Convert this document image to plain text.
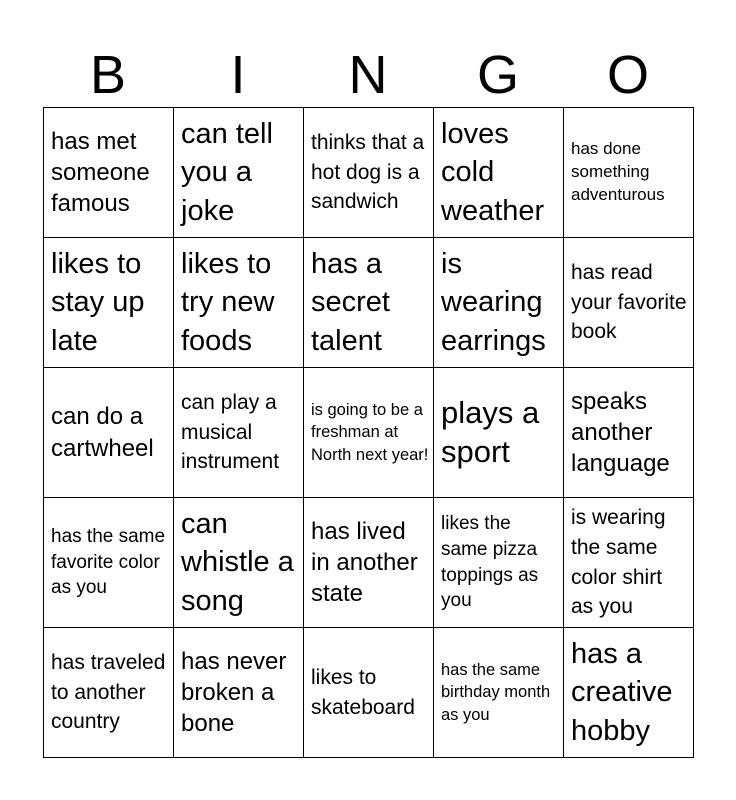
B	I	N	G	O
has met someone famous
can tell you a joke
thinks that a hot dog is a sandwich
loves cold weather
has done something adventurous
likes to stay up late
likes to try new foods
has a secret talent
is wearing earrings
has read your favorite book
can do a cartwheel
can play a musical instrument
is going to be a freshman at North next year!
plays a sport
speaks another language
has the same favorite color as you
can whistle a song
has lived in another state
likes the same pizza toppings as you
is wearing the same color shirt as you
has traveled to another country
has never broken a bone
likes to skateboard
has the same birthday month as you
has a creative hobby
